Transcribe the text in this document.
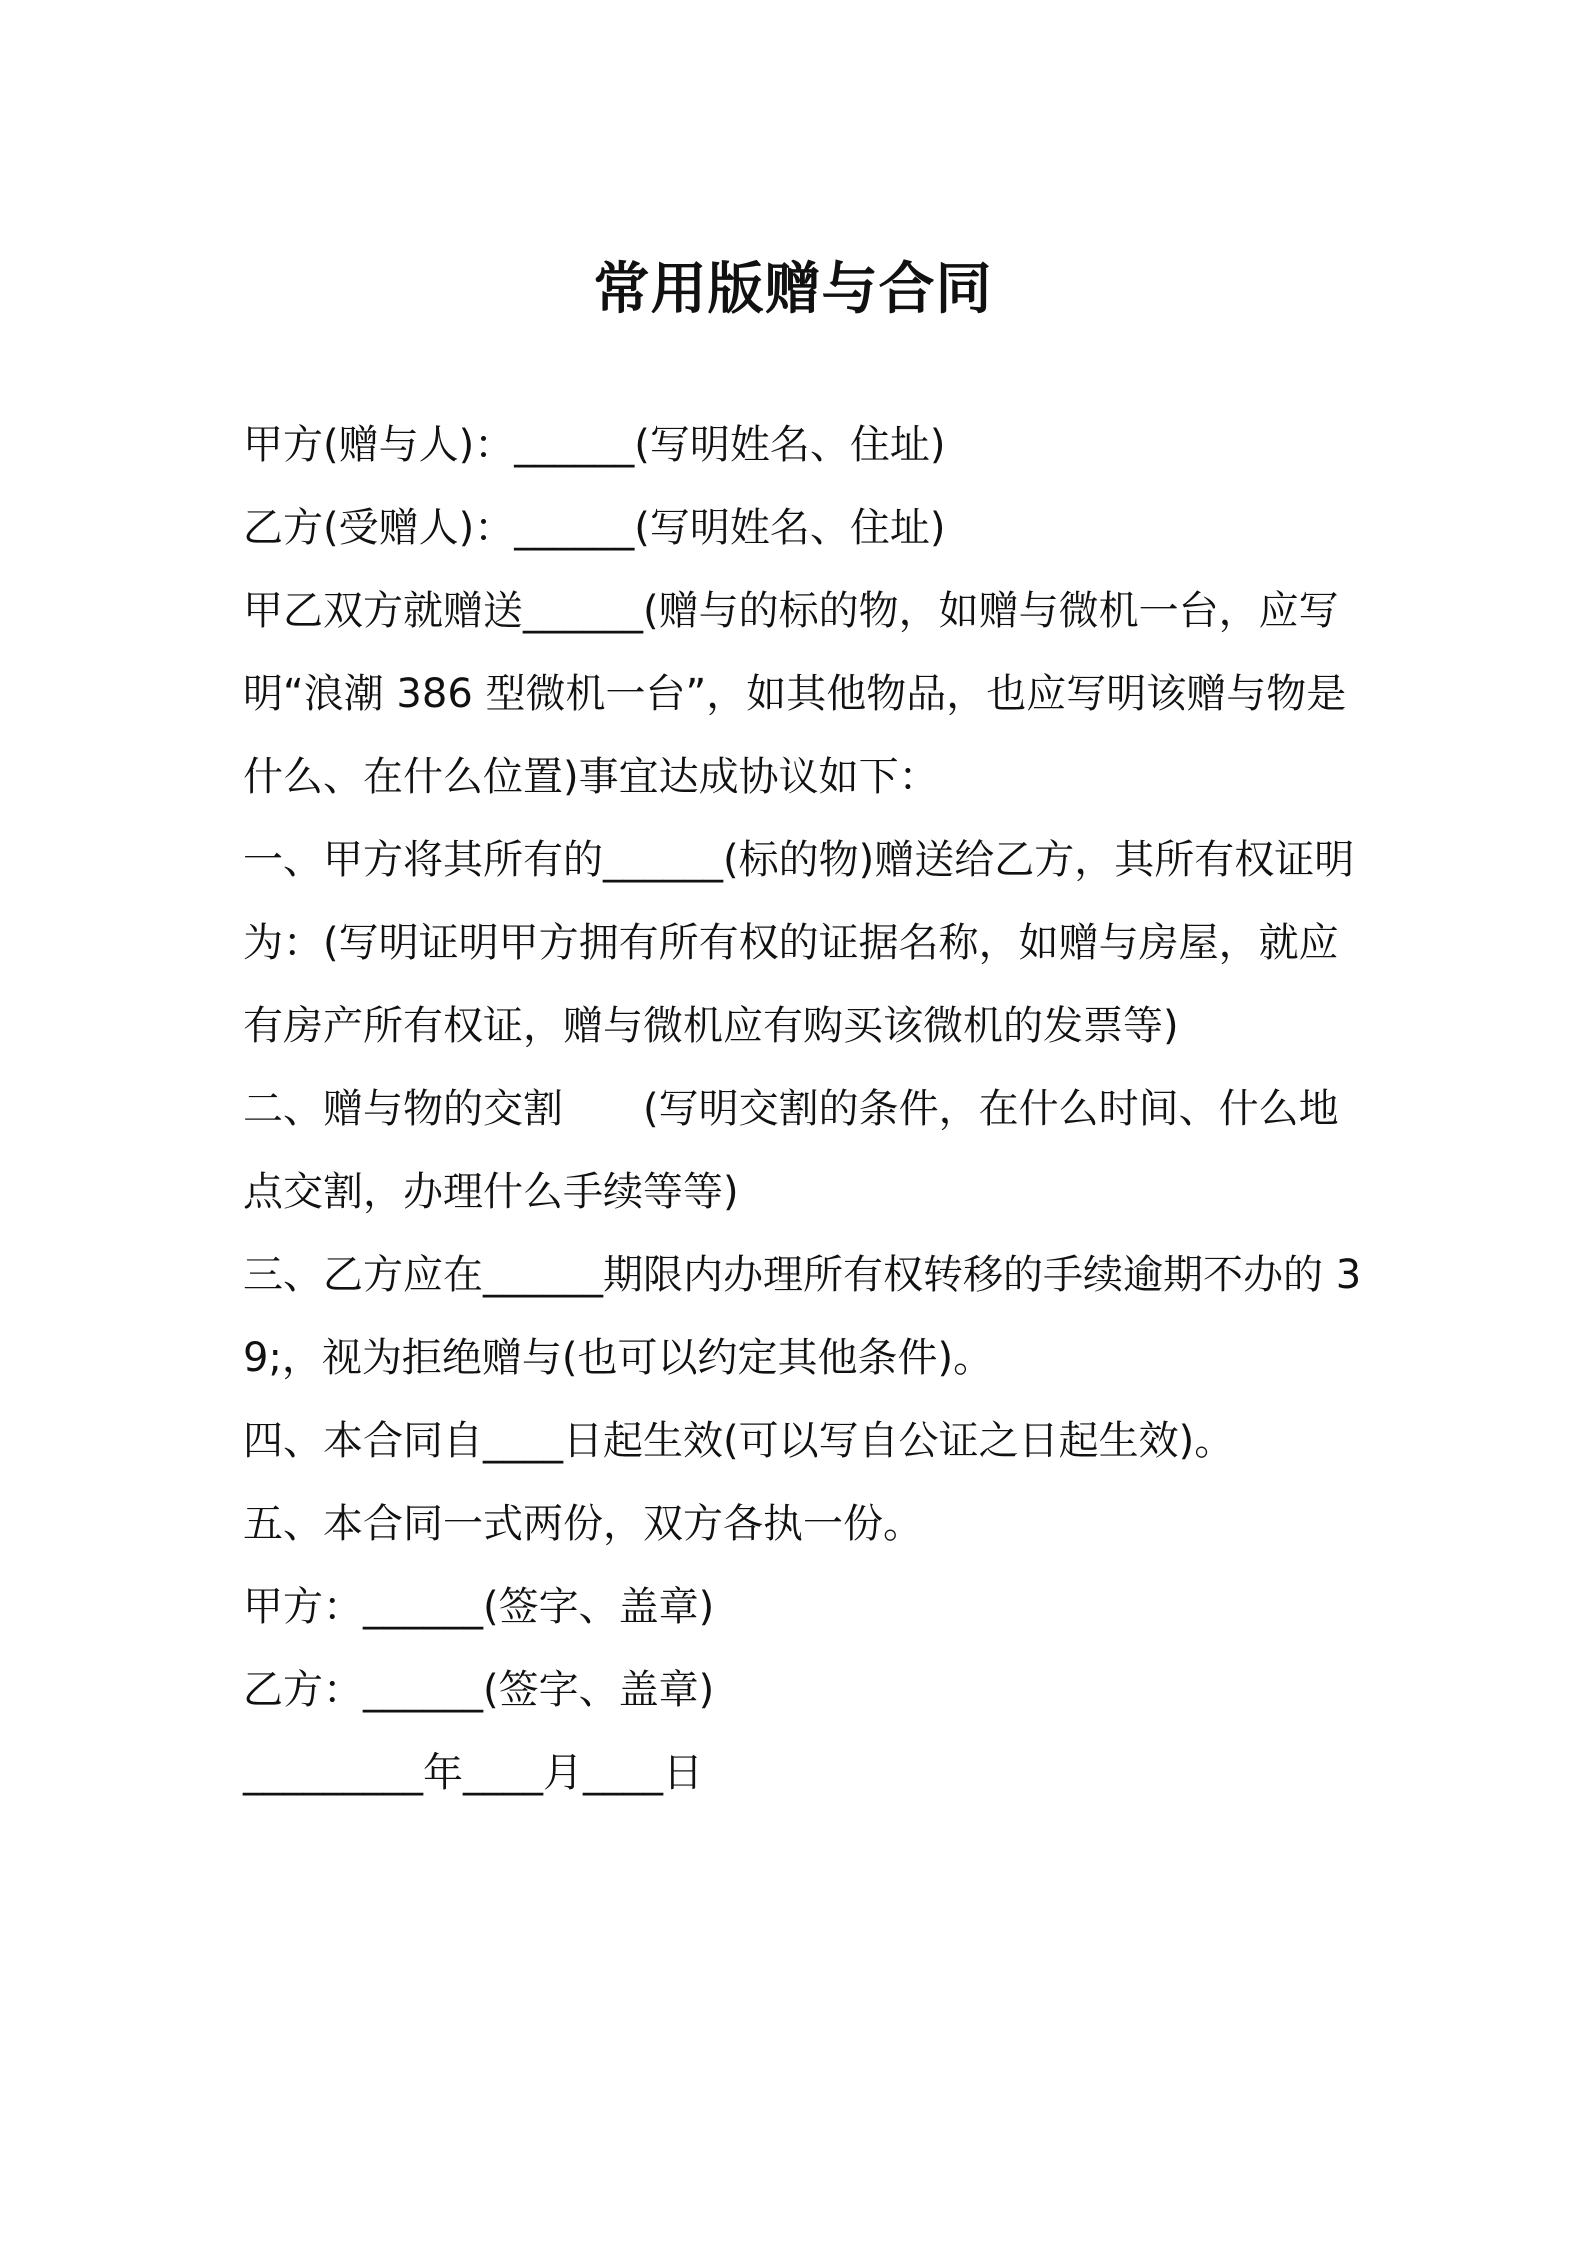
常用版赠与合同

甲方(赠与人)：______(写明姓名、住址)

乙方(受赠人)：______(写明姓名、住址)

甲乙双方就赠送______(赠与的标的物，如赠与微机一台，应写明“浪潮 386 型微机一台”，如其他物品，也应写明该赠与物是什么、在什么位置)事宜达成协议如下：

一、甲方将其所有的______(标的物)赠送给乙方，其所有权证明为：(写明证明甲方拥有所有权的证据名称，如赠与房屋，就应有房产所有权证，赠与微机应有购买该微机的发票等)

二、赠与物的交割　　(写明交割的条件，在什么时间、什么地点交割，办理什么手续等等)

三、乙方应在______期限内办理所有权转移的手续逾期不办的 39;，视为拒绝赠与(也可以约定其他条件)。

四、本合同自____日起生效(可以写自公证之日起生效)。

五、本合同一式两份，双方各执一份。

甲方：______(签字、盖章)

乙方：______(签字、盖章)

_________年____月____日
